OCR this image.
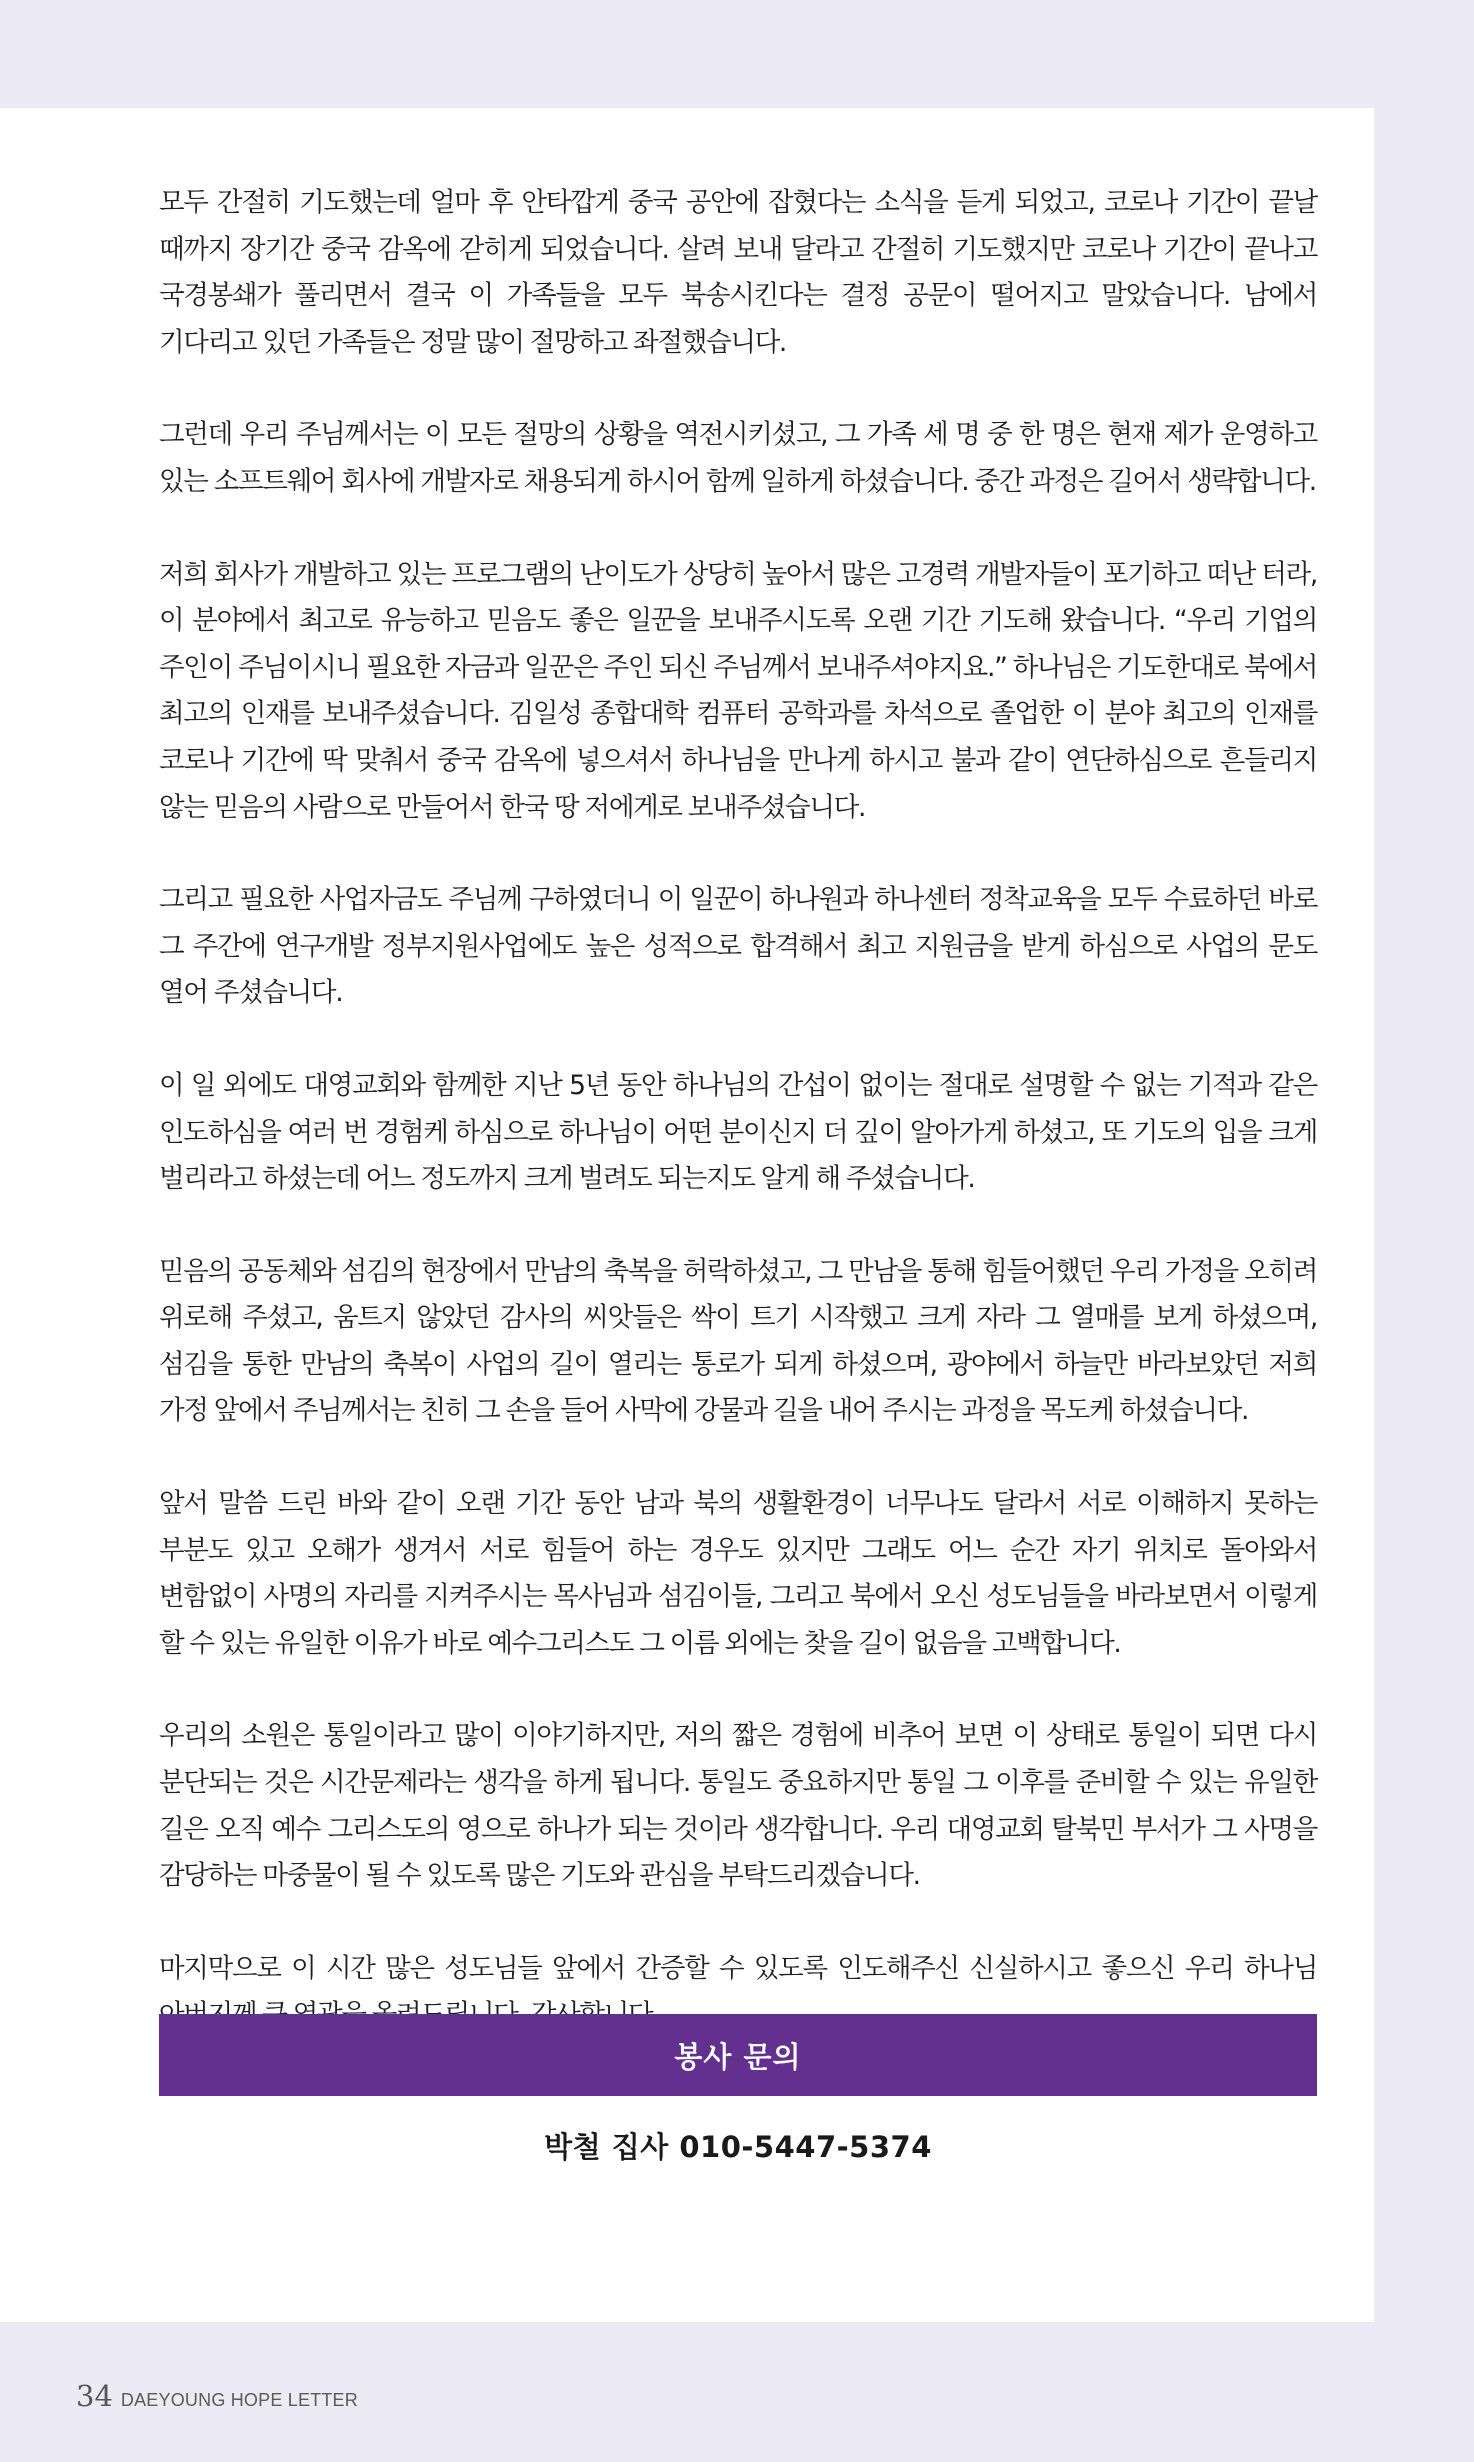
모두 간절히 기도했는데 얼마 후 안타깝게 중국 공안에 잡혔다는 소식을 듣게 되었고, 코로나 기간이 끝날 때까지 장기간 중국 감옥에 갇히게 되었습니다. 살려 보내 달라고 간절히 기도했지만 코로나 기간이 끝나고 국경봉쇄가 풀리면서 결국 이 가족들을 모두 북송시킨다는 결정 공문이 떨어지고 말았습니다. 남에서 기다리고 있던 가족들은 정말 많이 절망하고 좌절했습니다.

그런데 우리 주님께서는 이 모든 절망의 상황을 역전시키셨고, 그 가족 세 명 중 한 명은 현재 제가 운영하고 있는 소프트웨어 회사에 개발자로 채용되게 하시어 함께 일하게 하셨습니다. 중간 과정은 길어서 생략합니다.

저희 회사가 개발하고 있는 프로그램의 난이도가 상당히 높아서 많은 고경력 개발자들이 포기하고 떠난 터라, 이 분야에서 최고로 유능하고 믿음도 좋은 일꾼을 보내주시도록 오랜 기간 기도해 왔습니다. “우리 기업의 주인이 주님이시니 필요한 자금과 일꾼은 주인 되신 주님께서 보내주셔야지요.” 하나님은 기도한대로 북에서 최고의 인재를 보내주셨습니다. 김일성 종합대학 컴퓨터 공학과를 차석으로 졸업한 이 분야 최고의 인재를 코로나 기간에 딱 맞춰서 중국 감옥에 넣으셔서 하나님을 만나게 하시고 불과 같이 연단하심으로 흔들리지 않는 믿음의 사람으로 만들어서 한국 땅 저에게로 보내주셨습니다.

그리고 필요한 사업자금도 주님께 구하였더니 이 일꾼이 하나원과 하나센터 정착교육을 모두 수료하던 바로 그 주간에 연구개발 정부지원사업에도 높은 성적으로 합격해서 최고 지원금을 받게 하심으로 사업의 문도 열어 주셨습니다.

이 일 외에도 대영교회와 함께한 지난 5년 동안 하나님의 간섭이 없이는 절대로 설명할 수 없는 기적과 같은 인도하심을 여러 번 경험케 하심으로 하나님이 어떤 분이신지 더 깊이 알아가게 하셨고, 또 기도의 입을 크게 벌리라고 하셨는데 어느 정도까지 크게 벌려도 되는지도 알게 해 주셨습니다.

믿음의 공동체와 섬김의 현장에서 만남의 축복을 허락하셨고, 그 만남을 통해 힘들어했던 우리 가정을 오히려 위로해 주셨고, 움트지 않았던 감사의 씨앗들은 싹이 트기 시작했고 크게 자라 그 열매를 보게 하셨으며, 섬김을 통한 만남의 축복이 사업의 길이 열리는 통로가 되게 하셨으며, 광야에서 하늘만 바라보았던 저희 가정 앞에서 주님께서는 친히 그 손을 들어 사막에 강물과 길을 내어 주시는 과정을 목도케 하셨습니다.

앞서 말씀 드린 바와 같이 오랜 기간 동안 남과 북의 생활환경이 너무나도 달라서 서로 이해하지 못하는 부분도 있고 오해가 생겨서 서로 힘들어 하는 경우도 있지만 그래도 어느 순간 자기 위치로 돌아와서 변함없이 사명의 자리를 지켜주시는 목사님과 섬김이들, 그리고 북에서 오신 성도님들을 바라보면서 이렇게 할 수 있는 유일한 이유가 바로 예수그리스도 그 이름 외에는 찾을 길이 없음을 고백합니다.

우리의 소원은 통일이라고 많이 이야기하지만, 저의 짧은 경험에 비추어 보면 이 상태로 통일이 되면 다시 분단되는 것은 시간문제라는 생각을 하게 됩니다. 통일도 중요하지만 통일 그 이후를 준비할 수 있는 유일한 길은 오직 예수 그리스도의 영으로 하나가 되는 것이라 생각합니다. 우리 대영교회 탈북민 부서가 그 사명을 감당하는 마중물이 될 수 있도록 많은 기도와 관심을 부탁드리겠습니다.

마지막으로 이 시간 많은 성도님들 앞에서 간증할 수 있도록 인도해주신 신실하시고 좋으신 우리 하나님

봉사 문의
박철 집사 010-5447-5374
34 DAEYOUNG HOPE LETTER
